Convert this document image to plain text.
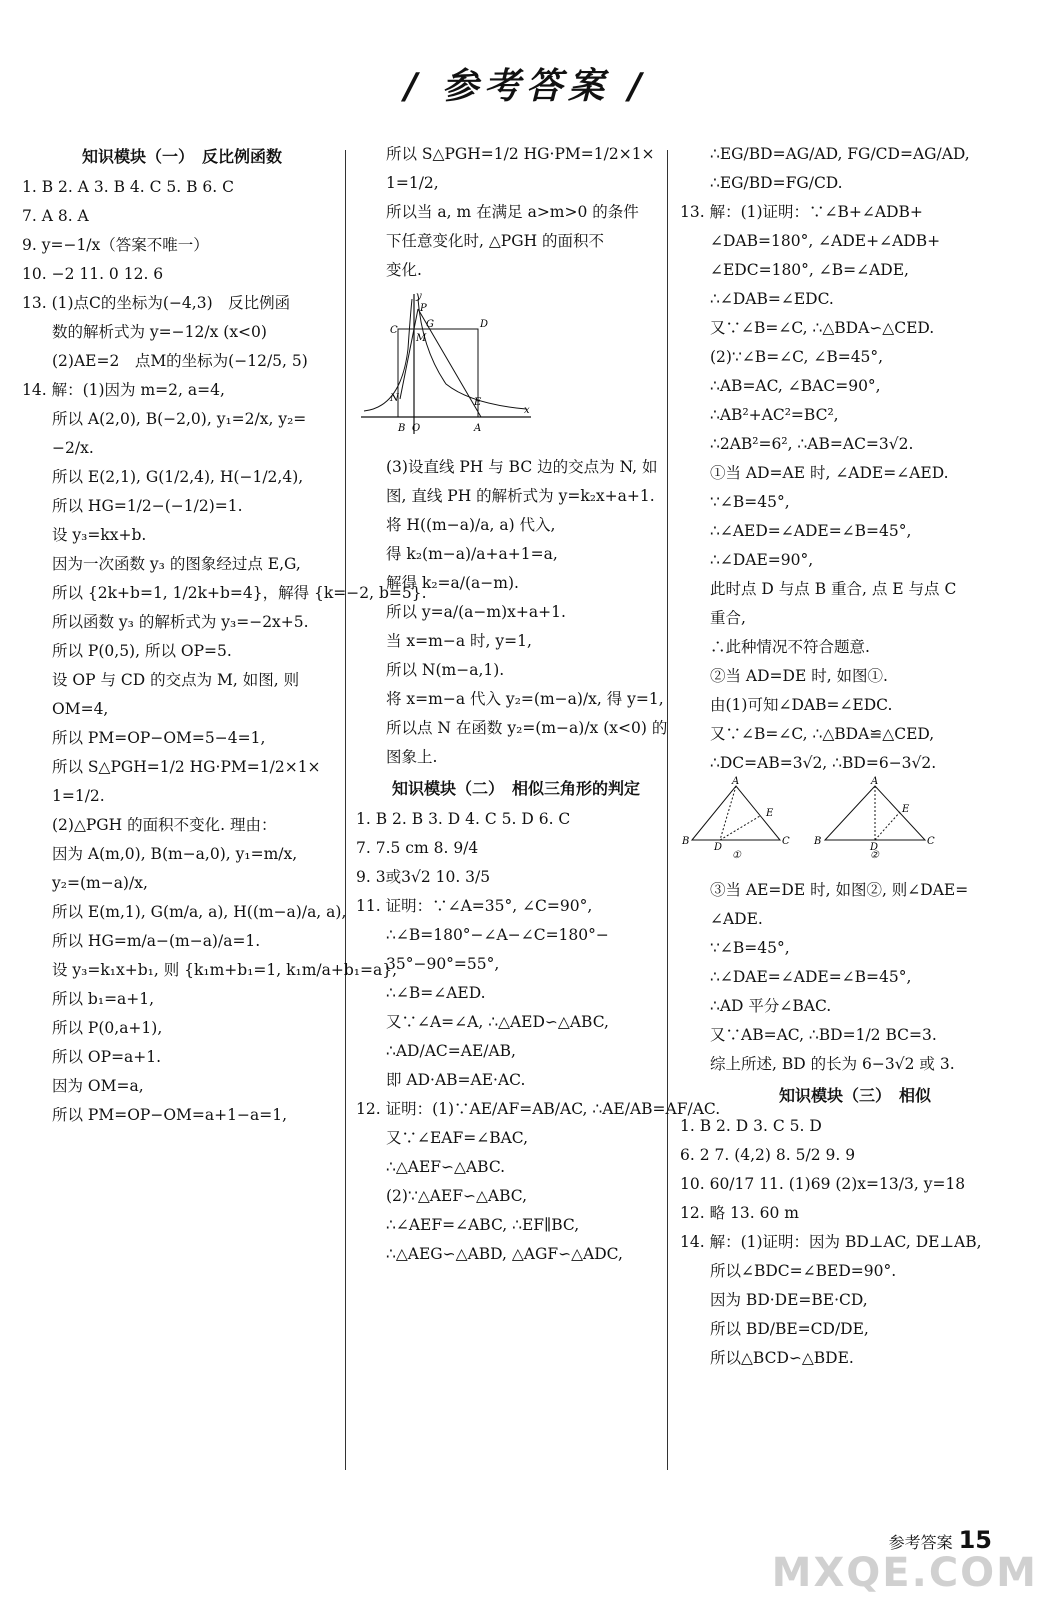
/ 参考答案 /
知识模块（一）　反比例函数
1. B 2. A 3. B 4. C 5. B 6. C
7. A 8. A
9. y=−1/x（答案不唯一）
10. −2 11. 0 12. 6
13. (1)点C的坐标为(−4,3)　反比例函
数的解析式为 y=−12/x (x<0)
(2)AE=2　点M的坐标为(−12/5, 5)
14. 解：(1)因为 m=2, a=4,
所以 A(2,0), B(−2,0), y₁=2/x, y₂=
−2/x.
所以 E(2,1), G(1/2,4), H(−1/2,4),
所以 HG=1/2−(−1/2)=1.
设 y₃=kx+b.
因为一次函数 y₃ 的图象经过点 E,G,
所以 {2k+b=1, 1/2k+b=4}，解得 {k=−2, b=5}.
所以函数 y₃ 的解析式为 y₃=−2x+5.
所以 P(0,5), 所以 OP=5.
设 OP 与 CD 的交点为 M, 如图, 则
OM=4,
所以 PM=OP−OM=5−4=1,
所以 S△PGH=1/2 HG·PM=1/2×1×
1=1/2.
(2)△PGH 的面积不变化. 理由：
因为 A(m,0), B(m−a,0), y₁=m/x,
y₂=(m−a)/x,
所以 E(m,1), G(m/a, a), H((m−a)/a, a),
所以 HG=m/a−(m−a)/a=1.
设 y₃=k₁x+b₁, 则 {k₁m+b₁=1, k₁m/a+b₁=a},
所以 b₁=a+1,
所以 P(0,a+1),
所以 OP=a+1.
因为 OM=a,
所以 PM=OP−OM=a+1−a=1,
所以 S△PGH=1/2 HG·PM=1/2×1×
1=1/2,
所以当 a, m 在满足 a>m>0 的条件
下任意变化时, △PGH 的面积不
变化.
y
x
P
C
G	D
M
N	E
B O	A
(3)设直线 PH 与 BC 边的交点为 N, 如
图, 直线 PH 的解析式为 y=k₂x+a+1.
将 H((m−a)/a, a) 代入,
得 k₂(m−a)/a+a+1=a,
解得 k₂=a/(a−m).
所以 y=a/(a−m)x+a+1.
当 x=m−a 时, y=1,
所以 N(m−a,1).
将 x=m−a 代入 y₂=(m−a)/x, 得 y=1,
所以点 N 在函数 y₂=(m−a)/x (x<0) 的
图象上.
知识模块（二）　相似三角形的判定
1. B 2. B 3. D 4. C 5. D 6. C
7. 7.5 cm 8. 9/4
9. 3或3√2 10. 3/5
11. 证明：∵∠A=35°, ∠C=90°,
∴∠B=180°−∠A−∠C=180°−
35°−90°=55°,
∴∠B=∠AED.
又∵∠A=∠A, ∴△AED∽△ABC,
∴AD/AC=AE/AB,
即 AD·AB=AE·AC.
12. 证明：(1)∵AE/AF=AB/AC, ∴AE/AB=AF/AC.
又∵∠EAF=∠BAC,
∴△AEF∽△ABC.
(2)∵△AEF∽△ABC,
∴∠AEF=∠ABC, ∴EF∥BC,
∴△AEG∽△ABD, △AGF∽△ADC,
∴EG/BD=AG/AD, FG/CD=AG/AD,
∴EG/BD=FG/CD.
13. 解：(1)证明：∵∠B+∠ADB+
∠DAB=180°, ∠ADE+∠ADB+
∠EDC=180°, ∠B=∠ADE,
∴∠DAB=∠EDC.
又∵∠B=∠C, ∴△BDA∽△CED.
(2)∵∠B=∠C, ∠B=45°,
∴AB=AC, ∠BAC=90°,
∴AB²+AC²=BC²,
∴2AB²=6², ∴AB=AC=3√2.
①当 AD=AE 时, ∠ADE=∠AED.
∵∠B=45°,
∴∠AED=∠ADE=∠B=45°,
∴∠DAE=90°,
此时点 D 与点 B 重合, 点 E 与点 C
重合,
∴此种情况不符合题意.
②当 AD=DE 时, 如图①.
由(1)可知∠DAB=∠EDC.
又∵∠B=∠C, ∴△BDA≌△CED,
∴DC=AB=3√2, ∴BD=6−3√2.
A
E
B
D
C
①
A
E
B
D
C
②
③当 AE=DE 时, 如图②, 则∠DAE=
∠ADE.
∵∠B=45°,
∴∠DAE=∠ADE=∠B=45°,
∴AD 平分∠BAC.
又∵AB=AC, ∴BD=1/2 BC=3.
综上所述, BD 的长为 6−3√2 或 3.
知识模块（三）　相似
1. B 2. D 3. C 5. D
6. 2 7. (4,2) 8. 5/2 9. 9
10. 60/17 11. (1)69 (2)x=13/3, y=18
12. 略 13. 60 m
14. 解：(1)证明：因为 BD⊥AC, DE⊥AB,
所以∠BDC=∠BED=90°.
因为 BD·DE=BE·CD,
所以 BD/BE=CD/DE,
所以△BCD∽△BDE.
参考答案 15
MXQE.COM
